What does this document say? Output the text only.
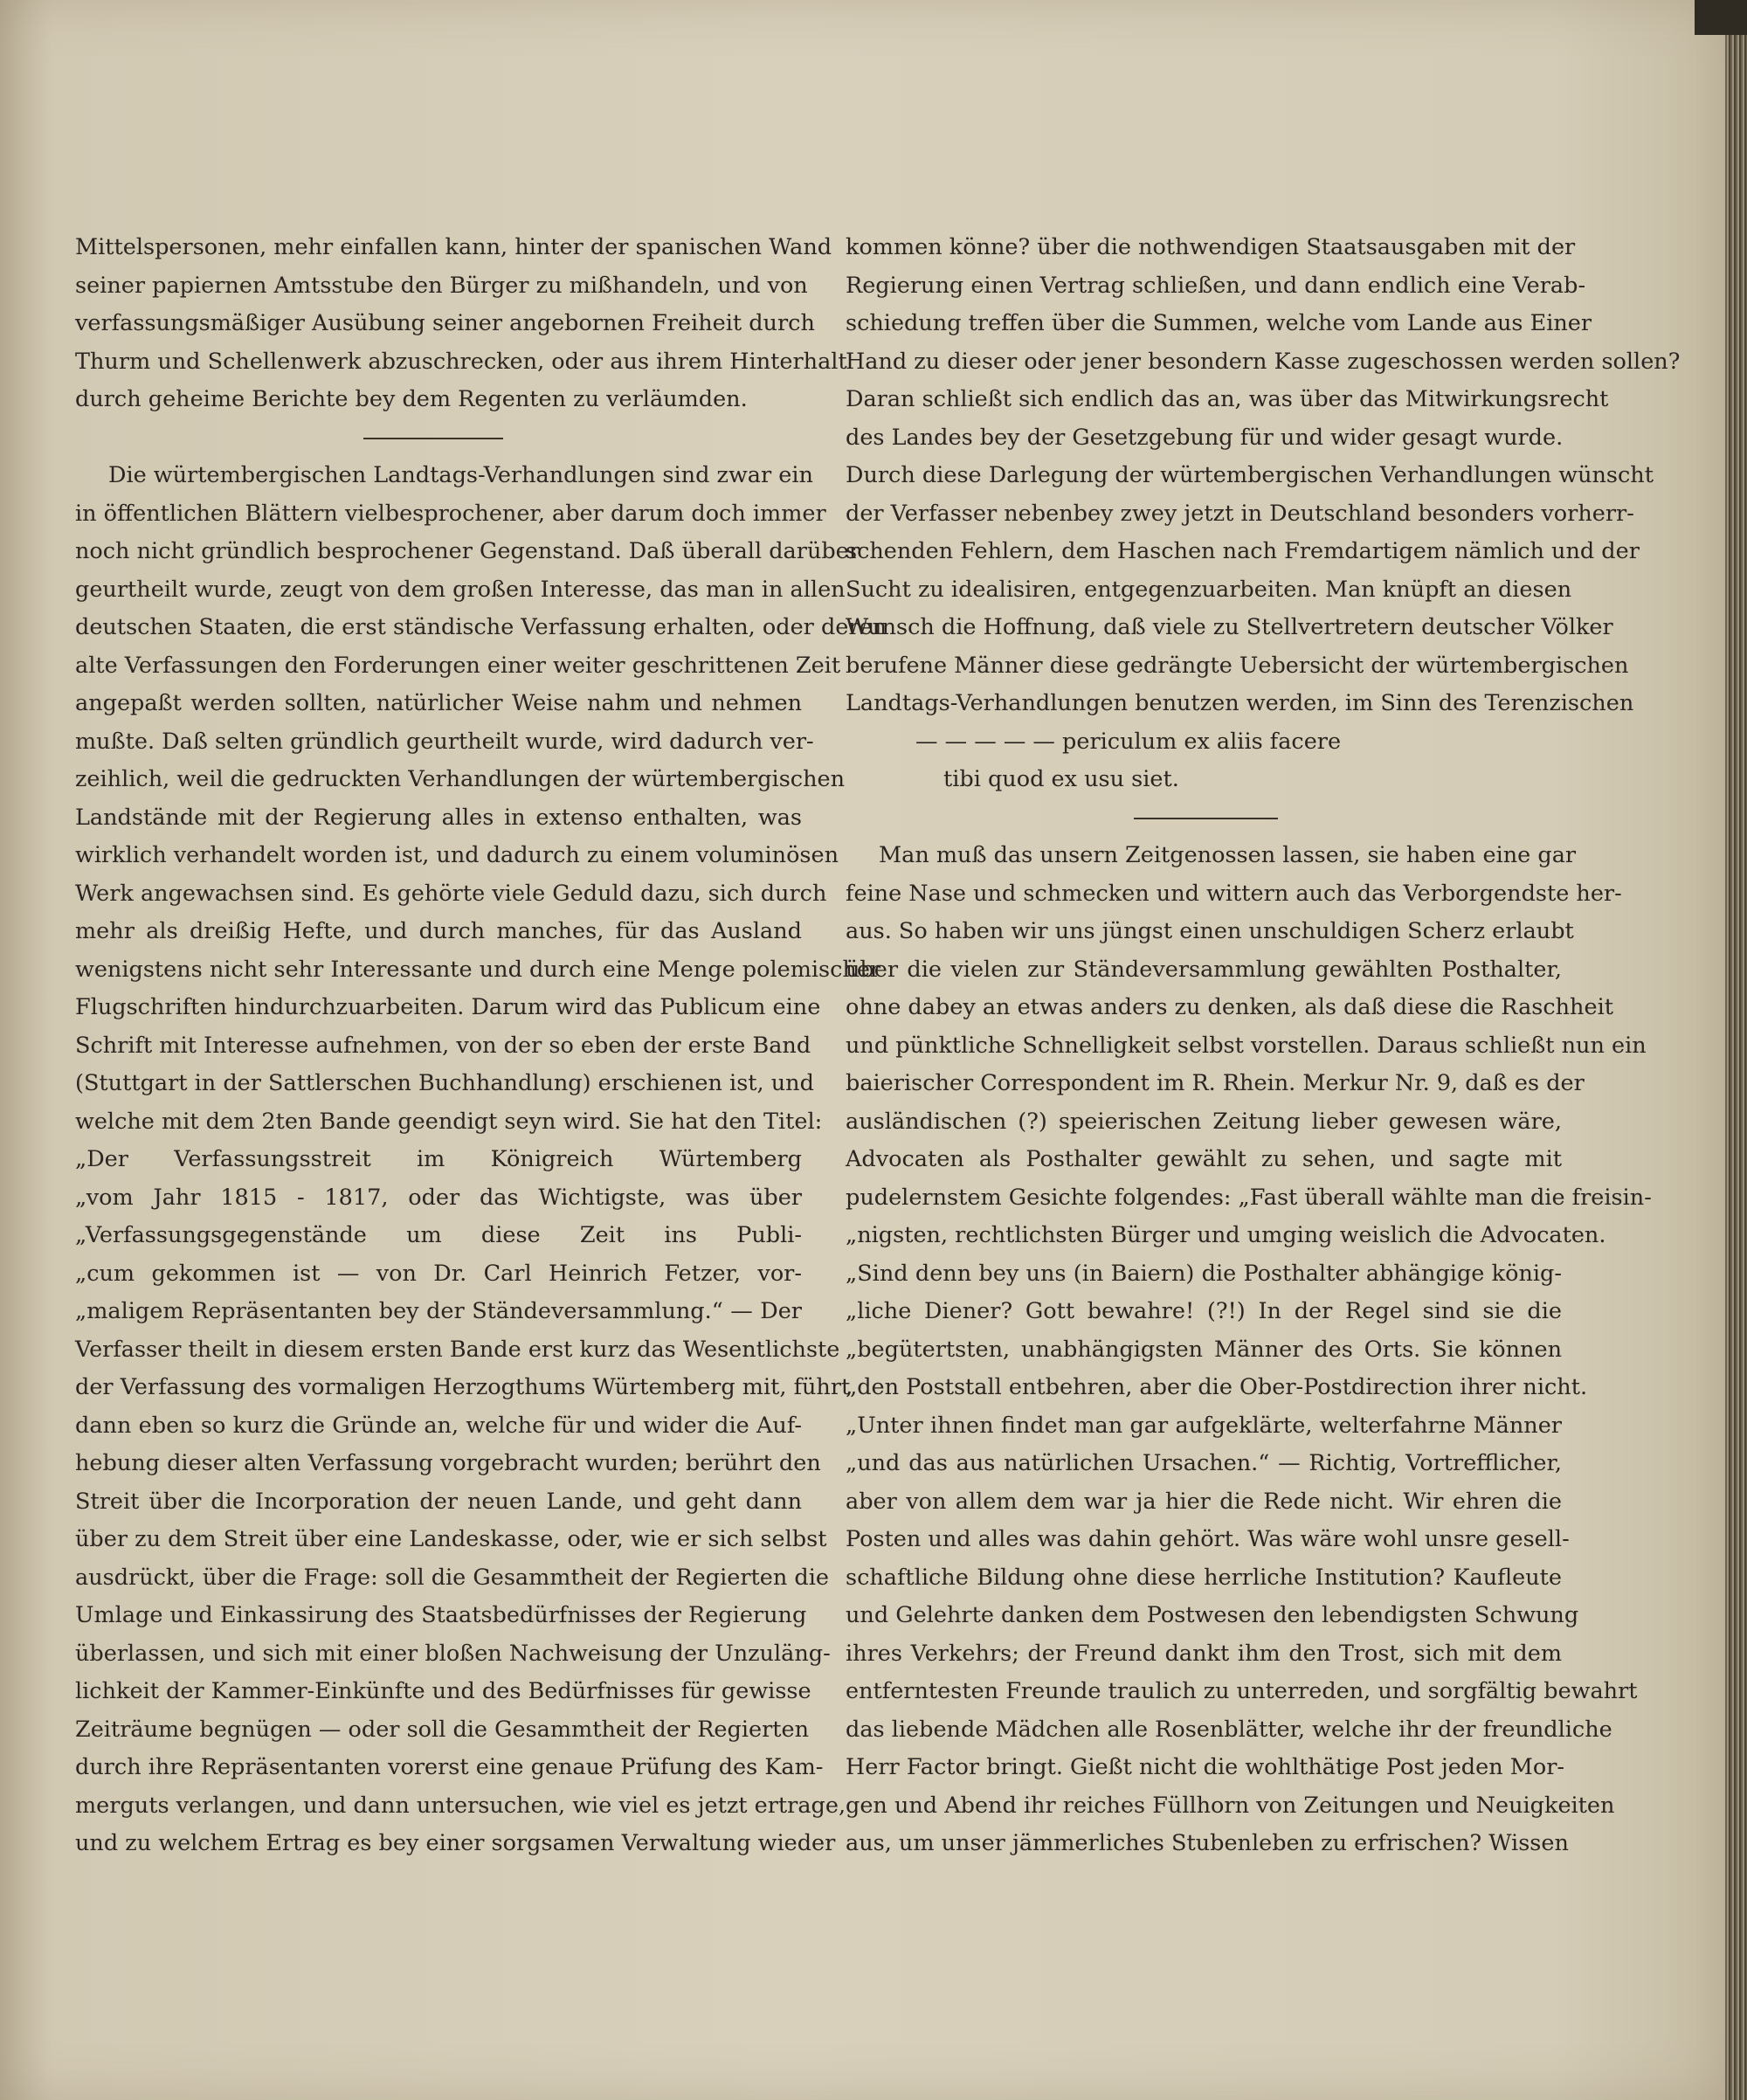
Mittelspersonen, mehr einfallen kann, hinter der spanischen Wand
seiner papiernen Amtsstube den Bürger zu mißhandeln, und von
verfassungsmäßiger Ausübung seiner angebornen Freiheit durch
Thurm und Schellenwerk abzuschrecken, oder aus ihrem Hinterhalt
durch geheime Berichte bey dem Regenten zu verläumden.
Die würtembergischen Landtags-Verhandlungen sind zwar ein
in öffentlichen Blättern vielbesprochener, aber darum doch immer
noch nicht gründlich besprochener Gegenstand. Daß überall darüber
geurtheilt wurde, zeugt von dem großen Interesse, das man in allen
deutschen Staaten, die erst ständische Verfassung erhalten, oder deren
alte Verfassungen den Forderungen einer weiter geschrittenen Zeit
angepaßt werden sollten, natürlicher Weise nahm und nehmen
mußte. Daß selten gründlich geurtheilt wurde, wird dadurch ver-
zeihlich, weil die gedruckten Verhandlungen der würtembergischen
Landstände mit der Regierung alles in extenso enthalten, was
wirklich verhandelt worden ist, und dadurch zu einem voluminösen
Werk angewachsen sind. Es gehörte viele Geduld dazu, sich durch
mehr als dreißig Hefte, und durch manches, für das Ausland
wenigstens nicht sehr Interessante und durch eine Menge polemischer
Flugschriften hindurchzuarbeiten. Darum wird das Publicum eine
Schrift mit Interesse aufnehmen, von der so eben der erste Band
(Stuttgart in der Sattlerschen Buchhandlung) erschienen ist, und
welche mit dem 2ten Bande geendigt seyn wird. Sie hat den Titel:
„Der Verfassungsstreit im Königreich Würtemberg
„vom Jahr 1815 - 1817, oder das Wichtigste, was über
„Verfassungsgegenstände um diese Zeit ins Publi-
„cum gekommen ist — von Dr. Carl Heinrich Fetzer, vor-
„maligem Repräsentanten bey der Ständeversammlung.“ — Der
Verfasser theilt in diesem ersten Bande erst kurz das Wesentlichste
der Verfassung des vormaligen Herzogthums Würtemberg mit, führt
dann eben so kurz die Gründe an, welche für und wider die Auf-
hebung dieser alten Verfassung vorgebracht wurden; berührt den
Streit über die Incorporation der neuen Lande, und geht dann
über zu dem Streit über eine Landeskasse, oder, wie er sich selbst
ausdrückt, über die Frage: soll die Gesammtheit der Regierten die
Umlage und Einkassirung des Staatsbedürfnisses der Regierung
überlassen, und sich mit einer bloßen Nachweisung der Unzuläng-
lichkeit der Kammer-Einkünfte und des Bedürfnisses für gewisse
Zeiträume begnügen — oder soll die Gesammtheit der Regierten
durch ihre Repräsentanten vorerst eine genaue Prüfung des Kam-
merguts verlangen, und dann untersuchen, wie viel es jetzt ertrage,
und zu welchem Ertrag es bey einer sorgsamen Verwaltung wieder
kommen könne? über die nothwendigen Staatsausgaben mit der
Regierung einen Vertrag schließen, und dann endlich eine Verab-
schiedung treffen über die Summen, welche vom Lande aus Einer
Hand zu dieser oder jener besondern Kasse zugeschossen werden sollen?
Daran schließt sich endlich das an, was über das Mitwirkungsrecht
des Landes bey der Gesetzgebung für und wider gesagt wurde.
Durch diese Darlegung der würtembergischen Verhandlungen wünscht
der Verfasser nebenbey zwey jetzt in Deutschland besonders vorherr-
schenden Fehlern, dem Haschen nach Fremdartigem nämlich und der
Sucht zu idealisiren, entgegenzuarbeiten. Man knüpft an diesen
Wunsch die Hoffnung, daß viele zu Stellvertretern deutscher Völker
berufene Männer diese gedrängte Uebersicht der würtembergischen
Landtags-Verhandlungen benutzen werden, im Sinn des Terenzischen
— — — — — periculum ex aliis facere
tibi quod ex usu siet.
Man muß das unsern Zeitgenossen lassen, sie haben eine gar
feine Nase und schmecken und wittern auch das Verborgendste her-
aus. So haben wir uns jüngst einen unschuldigen Scherz erlaubt
über die vielen zur Ständeversammlung gewählten Posthalter,
ohne dabey an etwas anders zu denken, als daß diese die Raschheit
und pünktliche Schnelligkeit selbst vorstellen. Daraus schließt nun ein
baierischer Correspondent im R. Rhein. Merkur Nr. 9, daß es der
ausländischen (?) speierischen Zeitung lieber gewesen wäre,
Advocaten als Posthalter gewählt zu sehen, und sagte mit
pudelernstem Gesichte folgendes: „Fast überall wählte man die freisin-
„nigsten, rechtlichsten Bürger und umging weislich die Advocaten.
„Sind denn bey uns (in Baiern) die Posthalter abhängige könig-
„liche Diener? Gott bewahre! (?!) In der Regel sind sie die
„begütertsten, unabhängigsten Männer des Orts. Sie können
„den Poststall entbehren, aber die Ober-Postdirection ihrer nicht.
„Unter ihnen findet man gar aufgeklärte, welterfahrne Männer
„und das aus natürlichen Ursachen.“ — Richtig, Vortrefflicher,
aber von allem dem war ja hier die Rede nicht. Wir ehren die
Posten und alles was dahin gehört. Was wäre wohl unsre gesell-
schaftliche Bildung ohne diese herrliche Institution? Kaufleute
und Gelehrte danken dem Postwesen den lebendigsten Schwung
ihres Verkehrs; der Freund dankt ihm den Trost, sich mit dem
entferntesten Freunde traulich zu unterreden, und sorgfältig bewahrt
das liebende Mädchen alle Rosenblätter, welche ihr der freundliche
Herr Factor bringt. Gießt nicht die wohlthätige Post jeden Mor-
gen und Abend ihr reiches Füllhorn von Zeitungen und Neuigkeiten
aus, um unser jämmerliches Stubenleben zu erfrischen? Wissen
